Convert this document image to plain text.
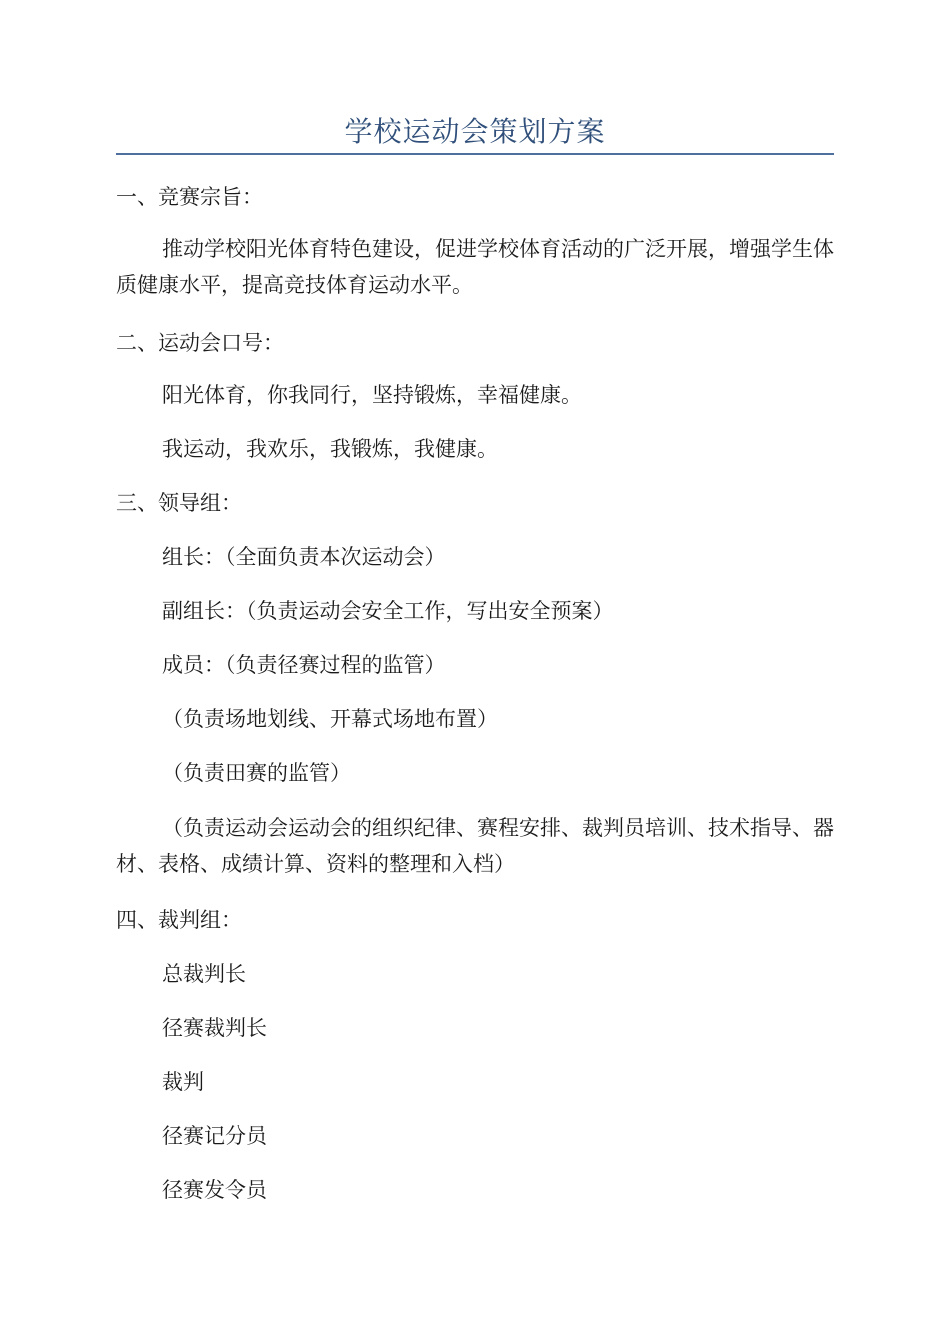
学校运动会策划方案
一、竞赛宗旨：
推动学校阳光体育特色建设，促进学校体育活动的广泛开展，增强学生体质健康水平，提高竞技体育运动水平。
二、运动会口号：
阳光体育，你我同行，坚持锻炼，幸福健康。
我运动，我欢乐，我锻炼，我健康。
三、领导组：
组长：（全面负责本次运动会）
副组长：（负责运动会安全工作，写出安全预案）
成员：（负责径赛过程的监管）
（负责场地划线、开幕式场地布置）
（负责田赛的监管）
（负责运动会运动会的组织纪律、赛程安排、裁判员培训、技术指导、器材、表格、成绩计算、资料的整理和入档）
四、裁判组：
总裁判长
径赛裁判长
裁判
径赛记分员
径赛发令员
